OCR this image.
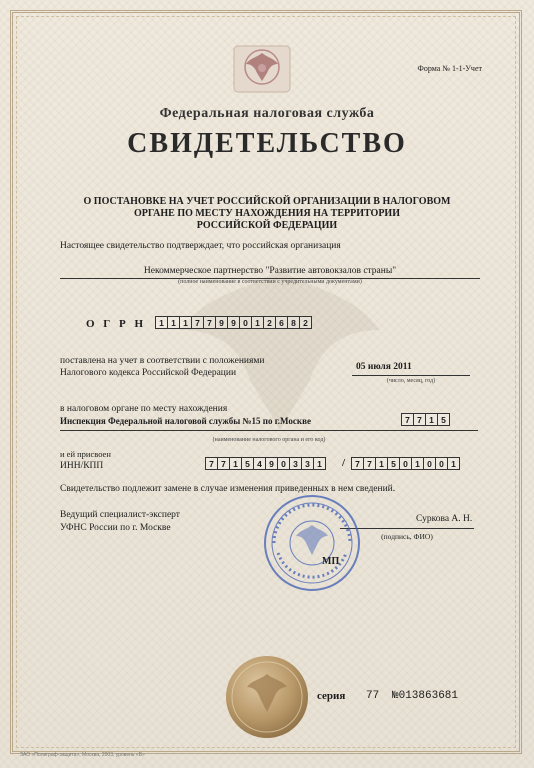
Форма № 1-1-Учет
Федеральная налоговая служба
СВИДЕТЕЛЬСТВО
О ПОСТАНОВКЕ НА УЧЕТ РОССИЙСКОЙ ОРГАНИЗАЦИИ В НАЛОГОВОМ
ОРГАНЕ ПО МЕСТУ НАХОЖДЕНИЯ НА ТЕРРИТОРИИ
РОССИЙСКОЙ ФЕДЕРАЦИИ
Настоящее свидетельство подтверждает, что российская организация
Некоммерческое партнерство "Развитие автовокзалов страны"
(полное наименование в соответствии с учредительными документами)
О Г Р Н	1 1 1 7 7 9 9 0 1 2 6 8 2
поставлена на учет в соответствии с положениями
Налогового кодекса Российской Федерации
05 июля 2011
(число, месяц, год)
в налоговом органе по месту нахождения
Инспекция Федеральной налоговой службы №15 по г.Москве	7 7 1 5
(наименование налогового органа и его код)
и ей присвоен
ИНН/КПП	7 7 1 5 4 9 0 3 3 1	/	7 7 1 5 0 1 0 0 1
Свидетельство подлежит замене в случае изменения приведенных в нем сведений.
Ведущий специалист-эксперт
УФНС России по г. Москве
Суркова А. Н.
(подпись, ФИО)
МП
серия 77 №013863681
ЗАО «Полиграф-защита», Москва, 2003, уровень «В»
